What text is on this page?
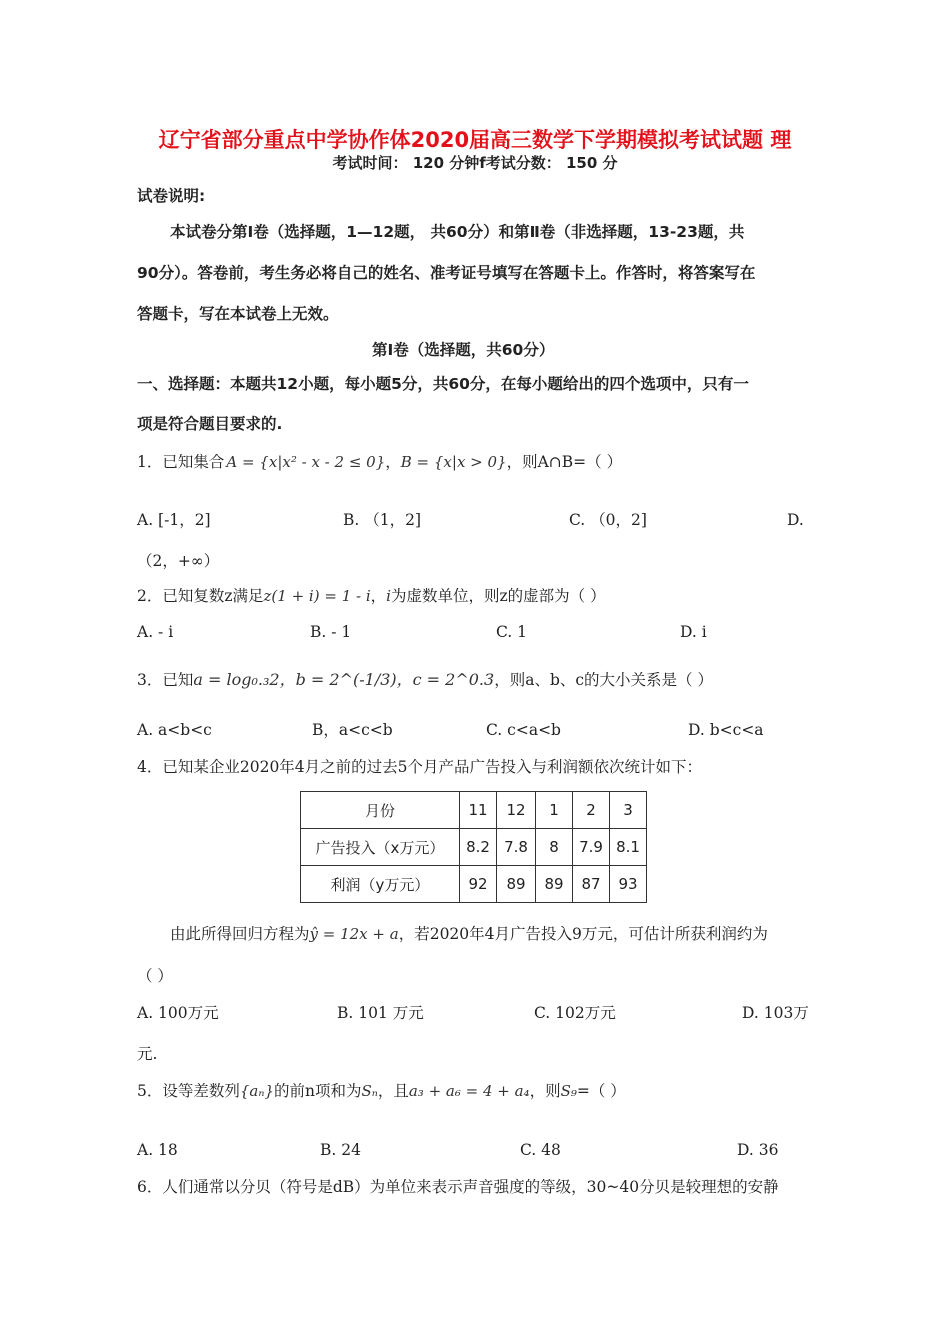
辽宁省部分重点中学协作体2020届高三数学下学期模拟考试试题 理
考试时间： 120 分钟f考试分数： 150 分
试卷说明:
本试卷分第Ⅰ卷（选择题，1—12题， 共60分）和第Ⅱ卷（非选择题，13-23题，共
90分）。答卷前，考生务必将自己的姓名、准考证号填写在答题卡上。作答时，将答案写在
答题卡，写在本试卷上无效。
第Ⅰ卷（选择题，共60分）
一、选择题：本题共12小题，每小题5分，共60分，在每小题给出的四个选项中，只有一
项是符合题目要求的.
1．已知集合 A = {x|x² - x - 2 ≤ 0}，B = {x|x > 0}，则A∩B=（ ）
A. [-1，2]	B. （1，2]	C. （0，2]	D.
（2，+∞）
2．已知复数z满足z(1 + i) = 1 - i，i为虚数单位，则z的虚部为（ ）
A. - i	B. - 1	C. 1	D. i
3．已知a = log₀.₃2，b = 2^(-1/3)，c = 2^0.3，则a、b、c的大小关系是（ ）
A. a<b<c	B，a<c<b	C. c<a<b	D. b<c<a
4．已知某企业2020年4月之前的过去5个月产品广告投入与利润额依次统计如下：
月份	11	12	1	2	3
广告投入（x万元）	8.2	7.8	8	7.9	8.1
利润（y万元）	92	89	89	87	93
由此所得回归方程为ŷ = 12x + a，若2020年4月广告投入9万元，可估计所获利润约为
（ ）
A. 100万元	B. 101 万元	C. 102万元	D. 103万
元.
5．设等差数列{aₙ}的前n项和为Sₙ，且a₃ + a₆ = 4 + a₄，则S₉=（ ）
A. 18	B. 24	C. 48	D. 36
6．人们通常以分贝（符号是dB）为单位来表示声音强度的等级，30~40分贝是较理想的安静
